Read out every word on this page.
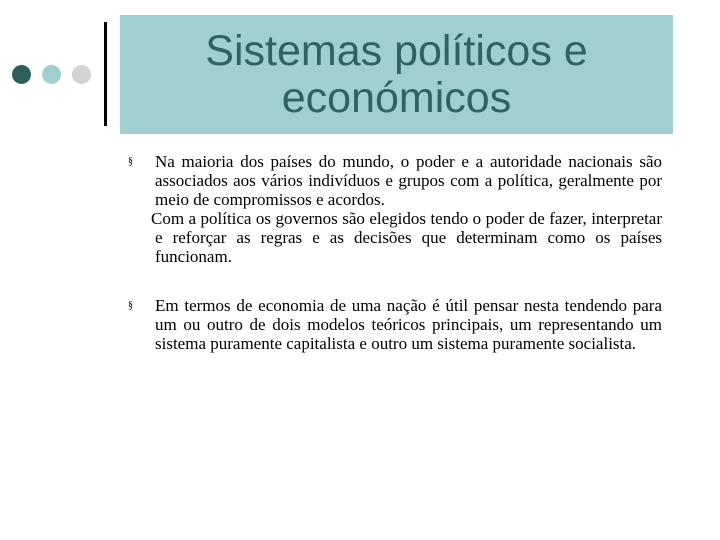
Sistemas políticos e económicos
§ Na maioria dos países do mundo, o poder e a autoridade nacionais são associados aos vários indivíduos e grupos com a política, geralmente por meio de compromissos e acordos.

Com a política os governos são elegidos tendo o poder de fazer, interpretar e reforçar as regras e as decisões que determinam como os países funcionam.

§ Em termos de economia de uma nação é útil pensar nesta tendendo para um ou outro de dois modelos teóricos principais, um representando um sistema puramente capitalista e outro um sistema puramente socialista.
